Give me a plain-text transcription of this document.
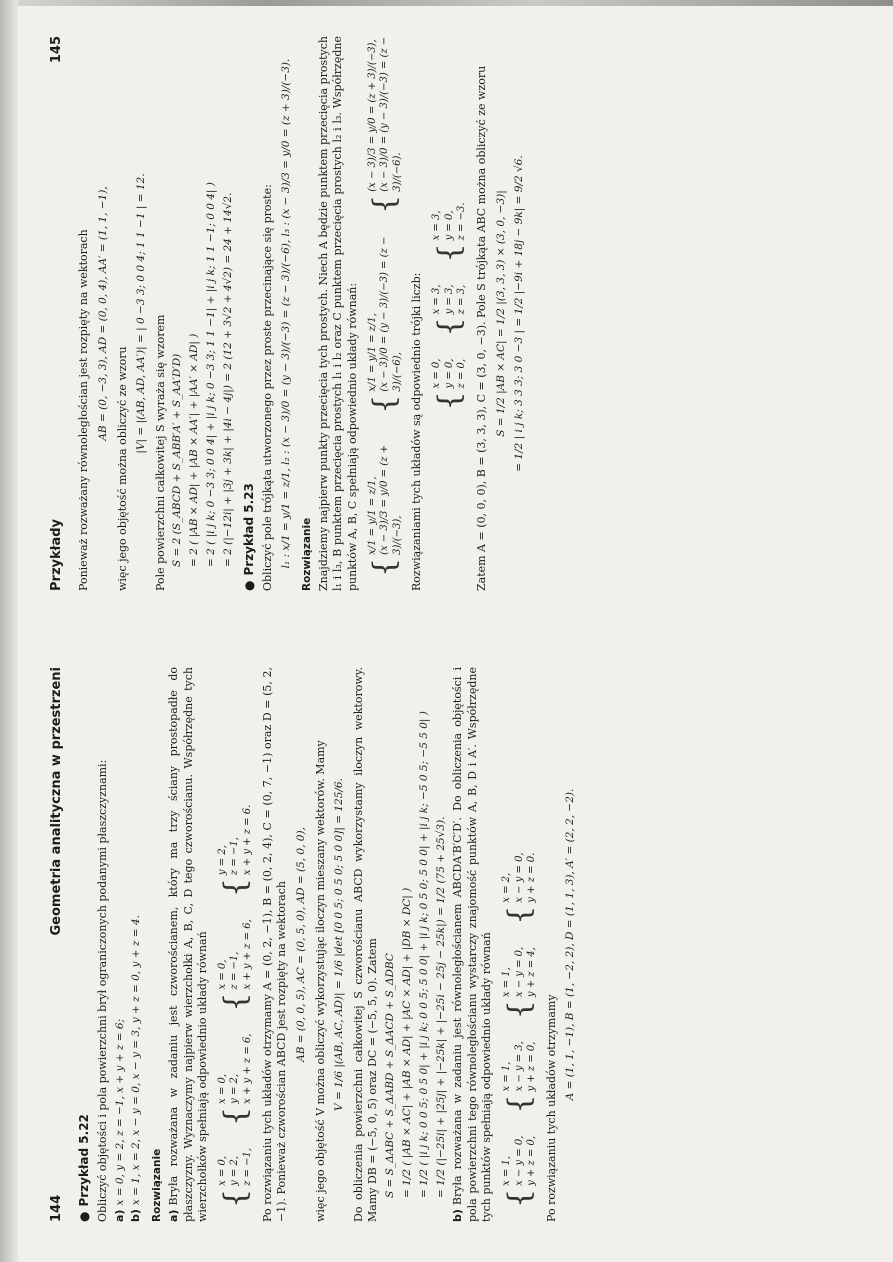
144
Geometria analityczna w przestrzeni
●Przykład 5.22 Obliczyć objętości i pola powierzchni brył ograniczonych podanymi płaszczyznami: a)x = 0, y = 2, z = −1, x + y + z = 6;

b)x = 1, x = 2, x − y = 0, x − y = 3, y + z = 0, y + z = 4. Rozwiązanie a)Bryła rozważana w zadaniu jest czworościanem, który ma trzy ściany prostopadłe do płaszczyzny. Wyznaczymy najpierw wierzchołki A, B, C, D tego czworościanu. Współrzędne tych wierzchołków spełniają odpowiednio układy równań {
x = 0, y = 2, z = −1,
{
x = 0, y = 2, x + y + z = 6,
{
x = 0, z = −1, x + y + z = 6,
{
y = 2, z = −1, x + y + z = 6. Po rozwiązaniu tych układów otrzymamy A = (0, 2, −1), B = (0, 2, 4), C = (0, 7, −1) oraz D = (5, 2, −1). Ponieważ czworościan ABCD jest rozpięty na wektorach AB = (0, 0, 5), AC = (0, 5, 0), AD = (5, 0, 0), więc jego objętość V można obliczyć wykorzystując iloczyn mieszany wektorów. Mamy V = 1/6 |(AB, AC, AD)| = 1/6 |det [0 0 5; 0 5 0; 5 0 0]| = 125/6. Do obliczenia powierzchni całkowitej S czworościanu ABCD wykorzystamy iloczyn wektorowy. Mamy DB = (−5, 0, 5) oraz DC = (−5, 5, 0). Zatem S = S_ΔABC + S_ΔABD + S_ΔACD + S_ΔDBC = 1/2 ( |AB × AC| + |AB × AD| + |AC × AD| + |DB × DC| ) = 1/2 ( |i j k; 0 0 5; 0 5 0| + |i j k; 0 0 5; 5 0 0| + |i j k; 0 5 0; 5 0 0| + |i j k; −5 0 5; −5 5 0| ) = 1/2 (|−25i| + |25j| + |−25k| + |−25i − 25j − 25k|) = 1/2 (75 + 25√3).

b)Bryła rozważana w zadaniu jest równoległościanem ABCDA′B′C′D′. Do obliczenia objętości i pola powierzchni tego równoległościanu wystarczy znajomość punktów A, B, D i A′. Współrzędne tych punktów spełniają odpowiednio układy równań {
x = 1, x − y = 0, y + z = 0,
{
x = 1, x − y = 3, y + z = 0,
{
x = 1, x − y = 0, y + z = 4,
{
x = 2, x − y = 0, y + z = 0.

Po rozwiązaniu tych układów otrzymamy

A = (1, 1, −1), B = (1, −2, 2), D = (1, 1, 3), A′ = (2, 2, −2).
Przykłady
145

Ponieważ rozważany równoległościan jest rozpięty na wektorach AB = (0, −3, 3), AD = (0, 0, 4), AA′ = (1, 1, −1),

więc jego objętość można obliczyć ze wzoru

|V| = |(AB, AD, AA′)| = | 0 −3 3; 0 0 4; 1 1 −1 | = 12. Pole powierzchni całkowitej S wyraża się wzorem S = 2 (S_ABCD + S_ABB′A′ + S_AA′D′D) = 2 ( |AB × AD| + |AB × AA′| + |AA′ × AD| ) = 2 ( |i j k; 0 −3 3; 0 0 4| + |i j k; 0 −3 3; 1 1 −1| + |i j k; 1 1 −1; 0 0 4| ) = 2 (|−12i| + |3j + 3k| + |4i − 4j|) = 2 (12 + 3√2 + 4√2) = 24 + 14√2.
●Przykład 5.23 Obliczyć pole trójkąta utworzonego przez proste przecinające się proste: l₁ : x/1 = y/1 = z/1, l₂ : (x − 3)/0 = (y − 3)/(−3) = (z − 3)/(−6), l₃ : (x − 3)/3 = y/0 = (z + 3)/(−3). Rozwiązanie Znajdziemy najpierw punkty przecięcia tych prostych. Niech A będzie punktem przecięcia prostych l₁ i l₃, B punktem przecięcia prostych l₁ i l₂ oraz C punktem przecięcia prostych l₂ i l₃. Współrzędne punktów A, B, C spełniają odpowiednio układy równań: {
x/1 = y/1 = z/1, (x − 3)/3 = y/0 = (z + 3)/(−3),
{
x/1 = y/1 = z/1, (x − 3)/0 = (y − 3)/(−3) = (z − 3)/(−6),
{
(x − 3)/3 = y/0 = (z + 3)/(−3), (x − 3)/0 = (y − 3)/(−3) = (z − 3)/(−6).

Rozwiązaniami tych układów są odpowiednio trójki liczb: {
x = 0, y = 0, z = 0,
{
x = 3, y = 3, z = 3,
{
x = 3, y = 0, z = −3. Zatem A = (0, 0, 0), B = (3, 3, 3), C = (3, 0, −3). Pole S trójkąta ABC można obliczyć ze wzoru S = 1/2 |AB × AC| = 1/2 |(3, 3, 3) × (3, 0, −3)| = 1/2 | i j k; 3 3 3; 3 0 −3 | = 1/2 |−9i + 18j − 9k| = 9/2 √6.
